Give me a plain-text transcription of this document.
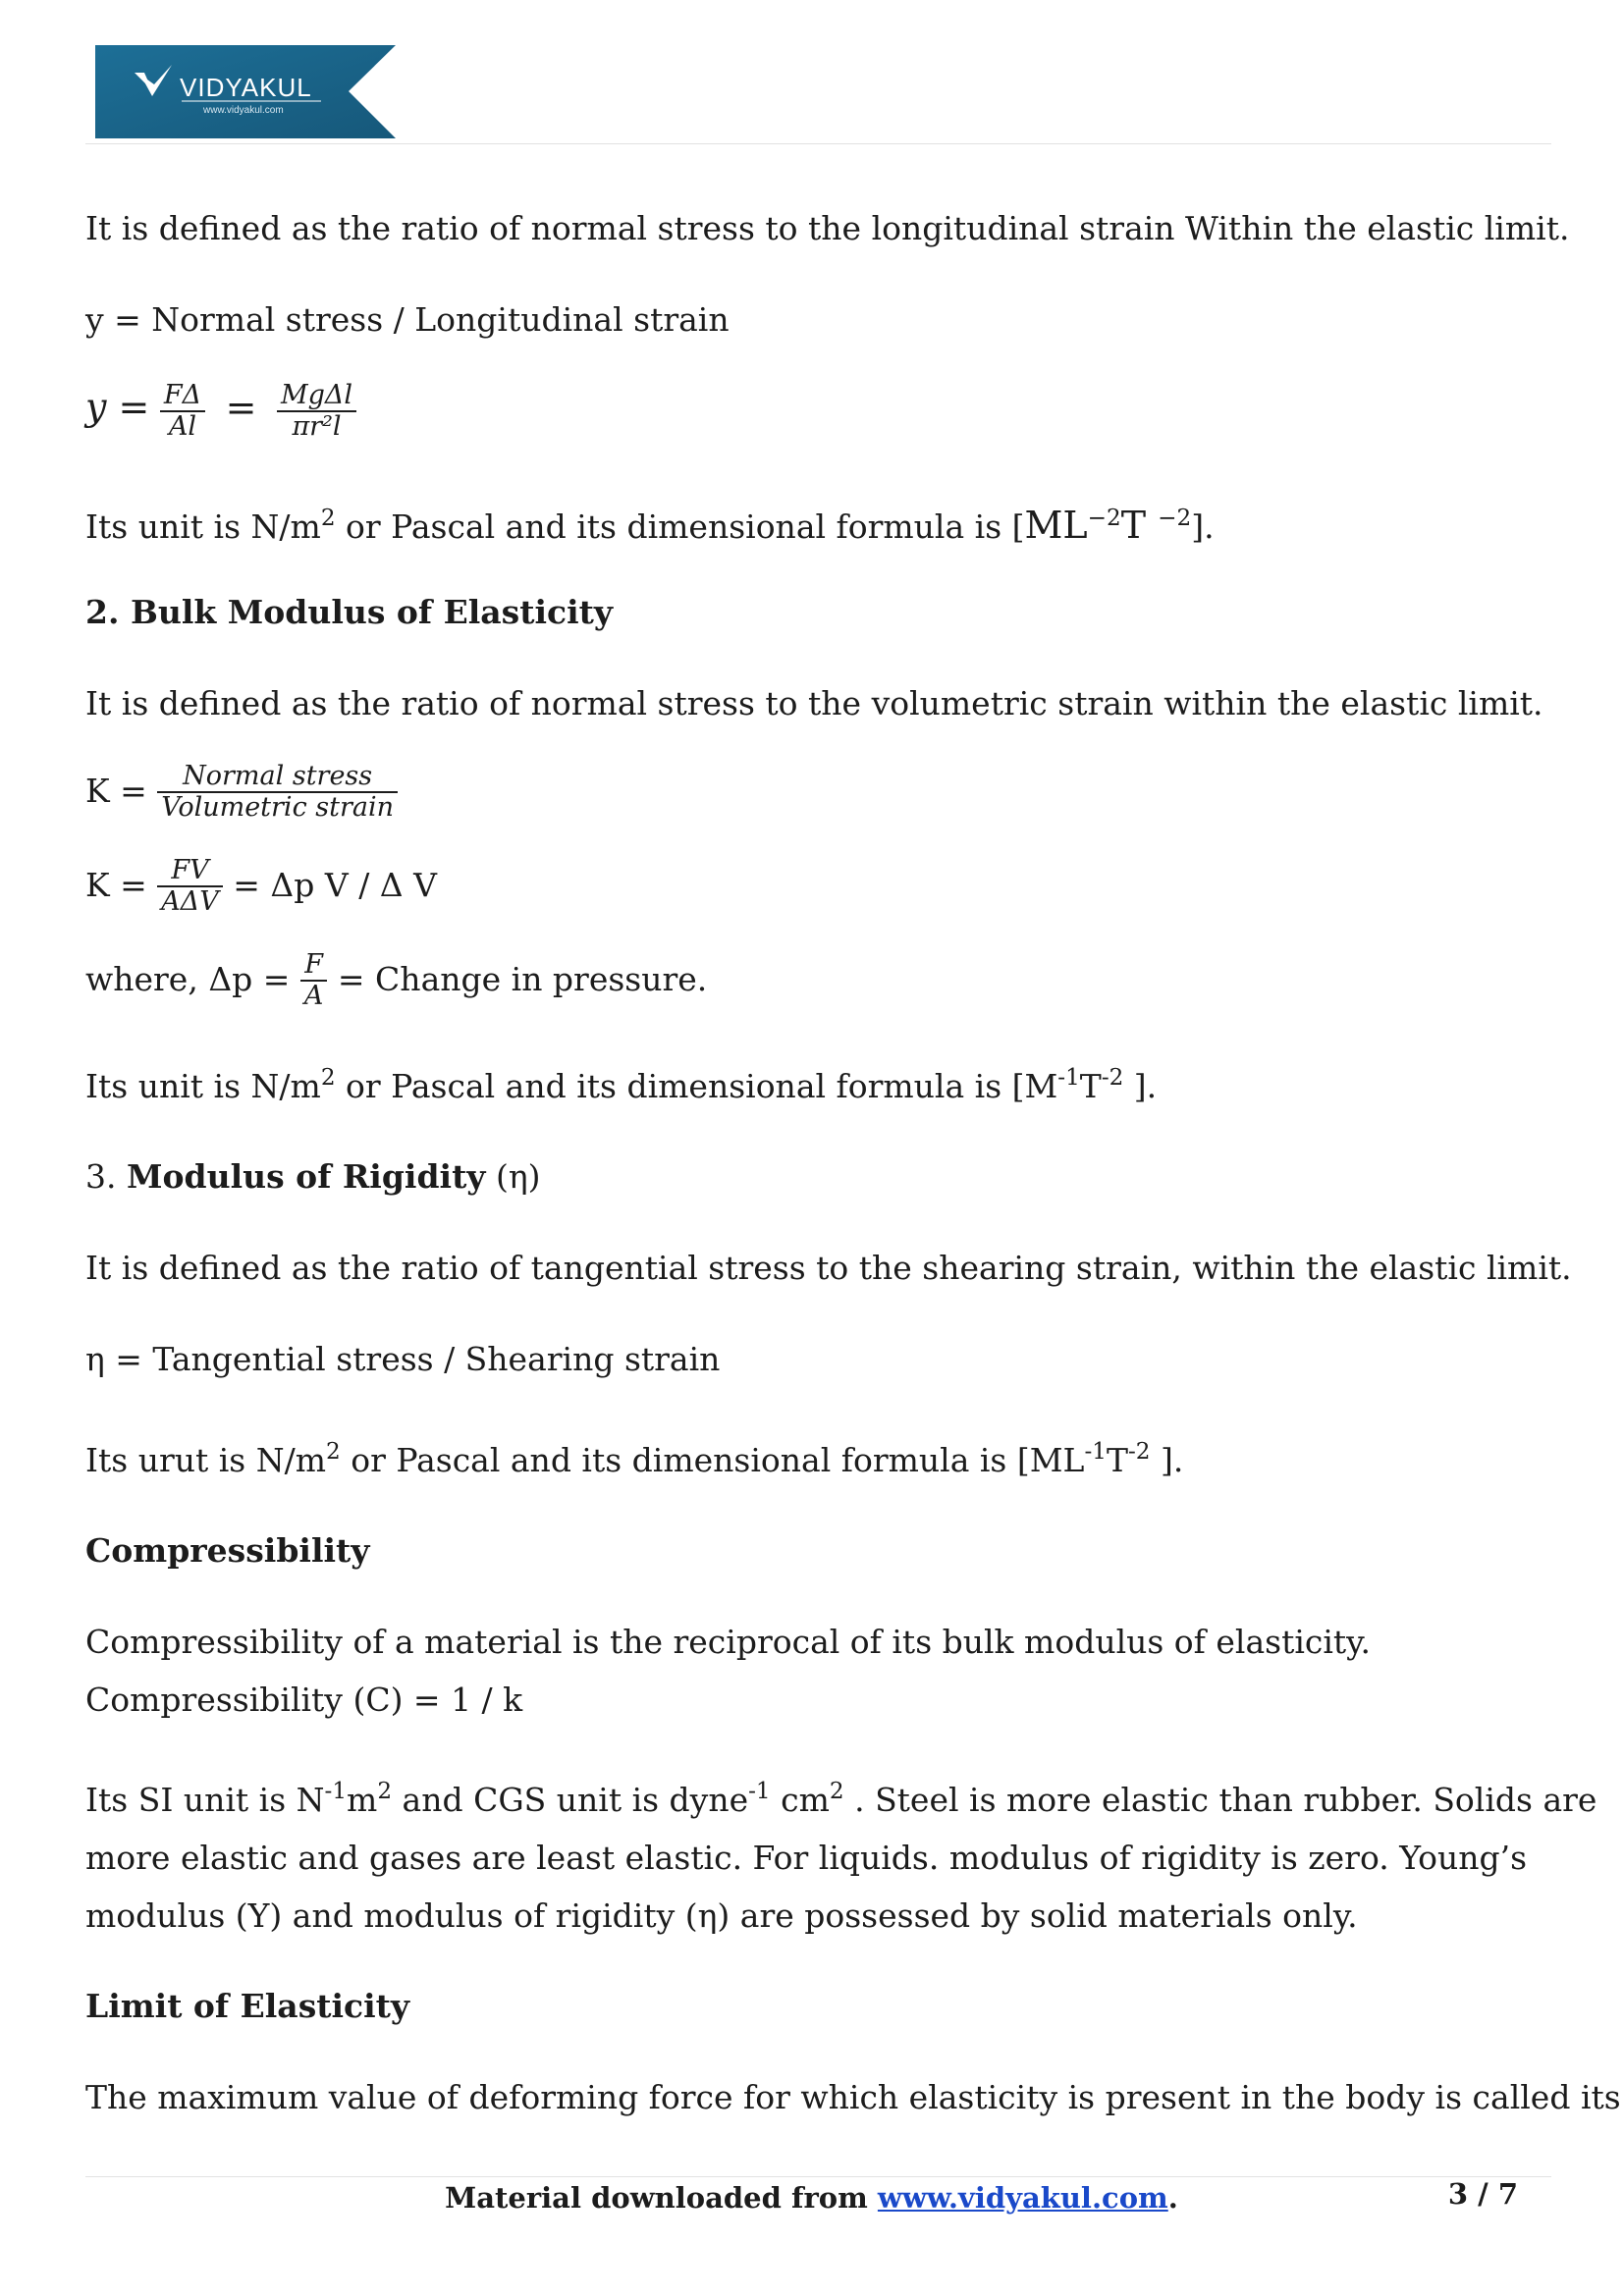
VIDYAKUL
www.vidyakul.com
It is defined as the ratio of normal stress to the longitudinal strain Within the elastic limit.
y = Normal stress / Longitudinal strain
$y = \frac{F\Delta}{Al} = \frac{\text{MgΔl}}{\text{πr²l}}$
Its unit is $N/m^2$ or Pascal and its dimensional formula is [$ML^{-2}T$ $^{-2}$].
2. Bulk Modulus of Elasticity
It is defined as the ratio of normal stress to the volumetric strain within the elastic limit.
$K = \frac{\text{Normal stress}}{\text{Volumetric strain}}$
$K = \frac{FV}{\text{AΔV}} = \Delta p$ V / Δ V
where, $\Delta p = \frac{F}{A}$ = Change in pressure.
Its unit is $N/m^2$ or Pascal and its dimensional formula is [$M^{-1}T^{-2}$ ].
3. Modulus of Rigidity (η)
It is defined as the ratio of tangential stress to the shearing strain, within the elastic limit.
η = Tangential stress / Shearing strain
Its urut is $N/m^2$ or Pascal and its dimensional formula is [$ML^{-1}T^{-2}$ ].
Compressibility
Compressibility of a material is the reciprocal of its bulk modulus of elasticity.
Compressibility (C) = 1 / k
Its SI unit is $N^{-1}m^2$ and CGS unit is dyne$^{-1}$ $cm^2$ . Steel is more elastic than rubber. Solids are
more elastic and gases are least elastic. For liquids. modulus of rigidity is zero. Young’s
modulus (Y) and modulus of rigidity (η) are possessed by solid materials only.
Limit of Elasticity
The maximum value of deforming force for which elasticity is present in the body is called its
Material downloaded from www.vidyakul.com.	3 / 7
